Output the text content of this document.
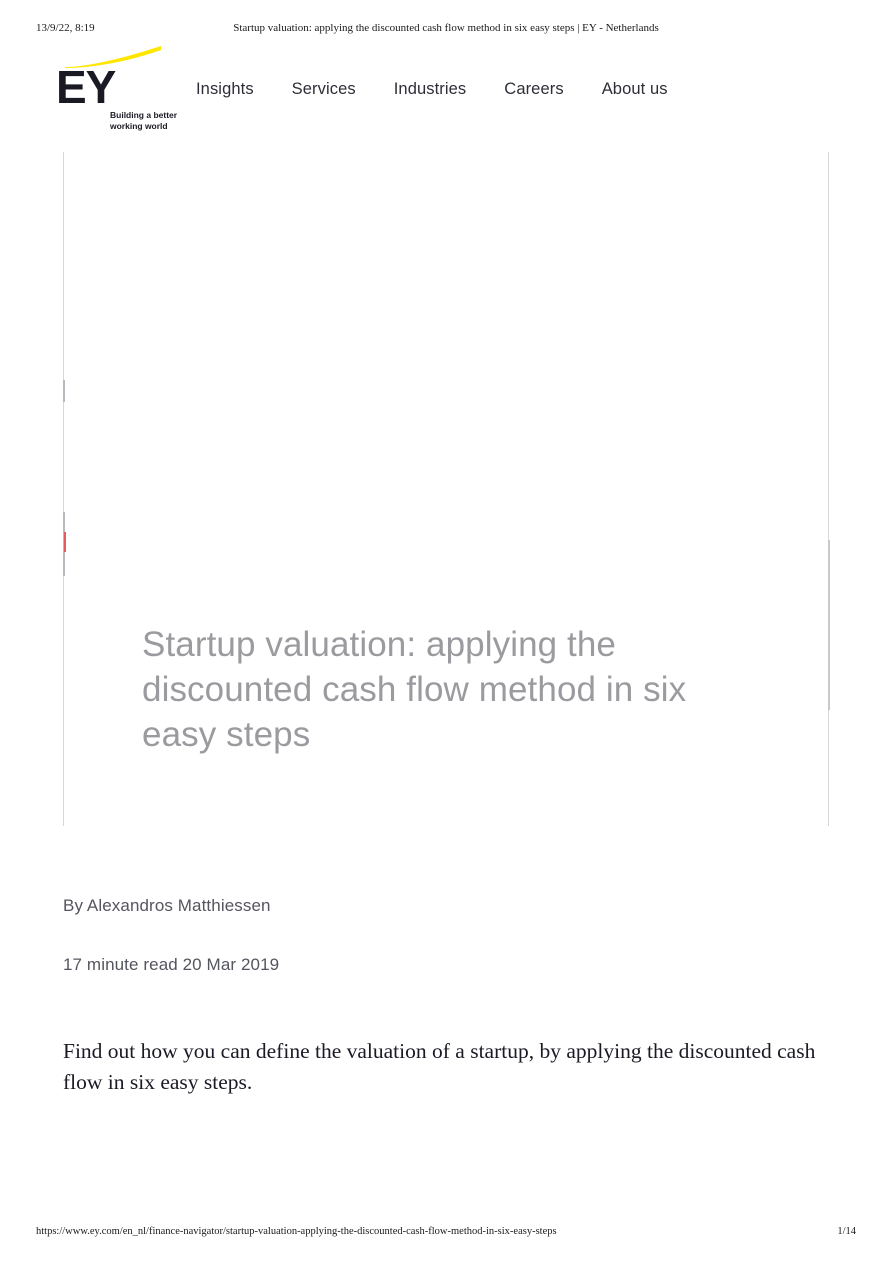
13/9/22, 8:19	Startup valuation: applying the discounted cash flow method in six easy steps | EY - Netherlands
EY
Building a better
working world
Insights Services Industries Careers About us
Startup valuation: applying the discounted cash flow method in six easy steps
By Alexandros Matthiessen
17 minute read 20 Mar 2019

Find out how you can define the valuation of a startup, by applying the discounted cash flow in six easy steps.

https://www.ey.com/en_nl/finance-navigator/startup-valuation-applying-the-discounted-cash-flow-method-in-six-easy-steps	1/14
